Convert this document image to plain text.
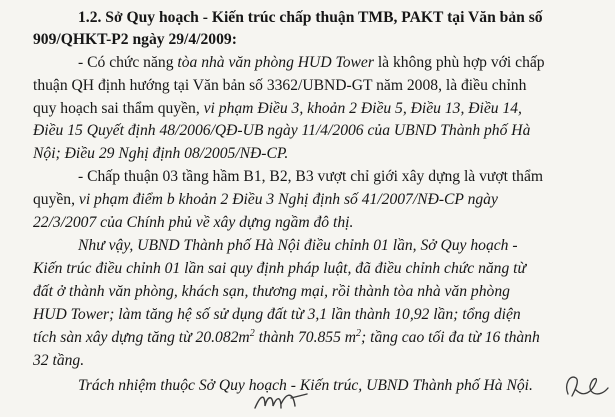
1.2. Sở Quy hoạch - Kiến trúc chấp thuận TMB, PAKT tại Văn bản số
909/QHKT-P2 ngày 29/4/2009:
- Có chức năng tòa nhà văn phòng HUD Tower là không phù hợp với chấp
thuận QH định hướng tại Văn bản số 3362/UBND-GT năm 2008, là điều chỉnh
quy hoạch sai thẩm quyền, vi phạm Điều 3, khoản 2 Điều 5, Điều 13, Điều 14,
Điều 15 Quyết định 48/2006/QĐ-UB ngày 11/4/2006 của UBND Thành phố Hà
Nội; Điều 29 Nghị định 08/2005/NĐ-CP.
- Chấp thuận 03 tầng hầm B1, B2, B3 vượt chỉ giới xây dựng là vượt thẩm
quyền, vi phạm điểm b khoản 2 Điều 3 Nghị định số 41/2007/NĐ-CP ngày
22/3/2007 của Chính phủ về xây dựng ngầm đô thị.
Như vậy, UBND Thành phố Hà Nội điều chỉnh 01 lần, Sở Quy hoạch -
Kiến trúc điều chỉnh 01 lần sai quy định pháp luật, đã điều chỉnh chức năng từ
đất ở thành văn phòng, khách sạn, thương mại, rồi thành tòa nhà văn phòng
HUD Tower; làm tăng hệ số sử dụng đất từ 3,1 lần thành 10,92 lần; tổng diện
tích sàn xây dựng tăng từ $20.082m^2$ thành 70.855 $m^2$; tầng cao tối đa từ 16 thành
32 tầng.
Trách nhiệm thuộc Sở Quy hoạch - Kiến trúc, UBND Thành phố Hà Nội.
